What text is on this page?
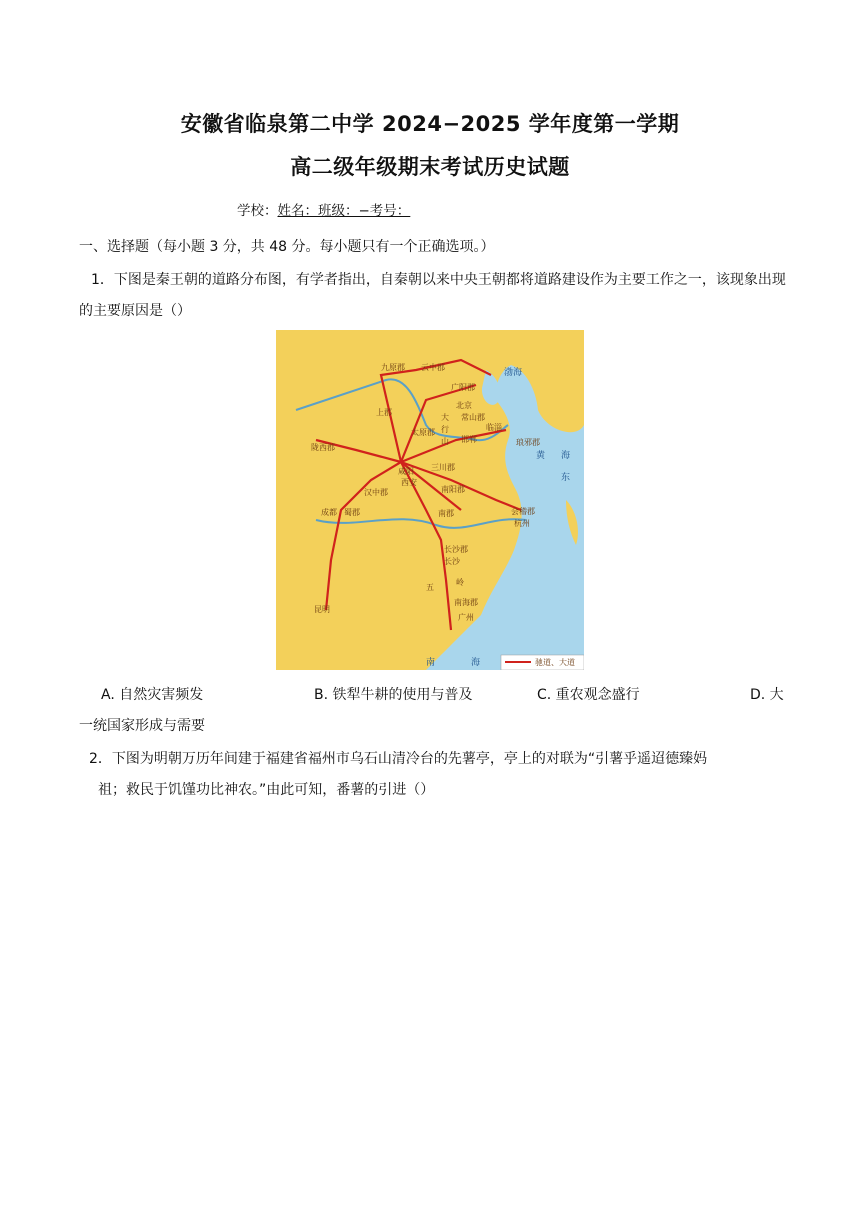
安徽省临泉第二中学 2024−2025 学年度第一学期
高二级年级期末考试历史试题
学校：姓名：班级：−考号：
一、选择题（每小题 3 分，共 48 分。每小题只有一个正确选项。）
1．下图是秦王朝的道路分布图，有学者指出，自秦朝以来中央王朝都将道路建设作为主要工作之一，该现象出现的主要原因是（）
九原郡 云中郡
广阳郡
北京
常山郡
上郡
太原郡
大
行
山 邯郸
临淄
琅邪郡
咸阳 三川郡
陇西郡
汉中郡
西安
南阳郡
成都 蜀郡	南郡
长沙郡
长沙
会稽郡
杭州
南海郡
广州
昆明
黄 海
东
渤海
五
岭
南	海	驰道、大道
A. 自然灾害频发	B. 铁犁牛耕的使用与普及	C. 重农观念盛行	D. 大
一统国家形成与需要
2．下图为明朝万历年间建于福建省福州市乌石山清冷台的先薯亭，亭上的对联为“引薯乎遥迢德臻妈
祖；救民于饥馑功比神农。”由此可知，番薯的引进（）
